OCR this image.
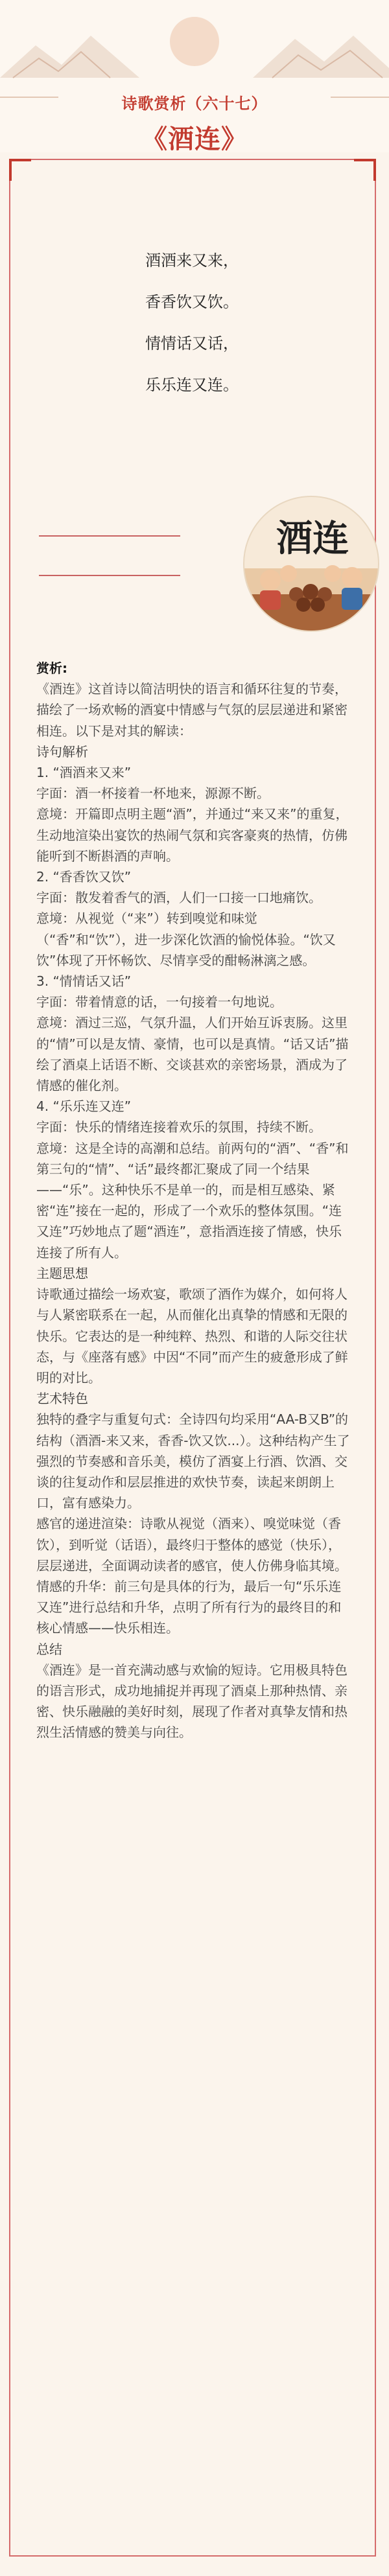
诗歌赏析（六十七）
《酒连》
酒酒来又来，
香香饮又饮。
情情话又话，
乐乐连又连。
酒连

赏析:

《酒连》这首诗以简洁明快的语言和循环往复的节奏，描绘了一场欢畅的酒宴中情感与气氛的层层递进和紧密相连。以下是对其的解读：

诗句解析

1. “酒酒来又来”

字面：酒一杯接着一杯地来，源源不断。

意境：开篇即点明主题“酒”，并通过“来又来”的重复，生动地渲染出宴饮的热闹气氛和宾客豪爽的热情，仿佛能听到不断斟酒的声响。

2. “香香饮又饮”

字面：散发着香气的酒，人们一口接一口地痛饮。

意境：从视觉（“来”）转到嗅觉和味觉（“香”和“饮”），进一步深化饮酒的愉悦体验。“饮又饮”体现了开怀畅饮、尽情享受的酣畅淋漓之感。

3. “情情话又话”

字面：带着情意的话，一句接着一句地说。

意境：酒过三巡，气氛升温，人们开始互诉衷肠。这里的“情”可以是友情、豪情，也可以是真情。“话又话”描绘了酒桌上话语不断、交谈甚欢的亲密场景，酒成为了情感的催化剂。

4. “乐乐连又连”

字面：快乐的情绪连接着欢乐的氛围，持续不断。

意境：这是全诗的高潮和总结。前两句的“酒”、“香”和第三句的“情”、“话”最终都汇聚成了同一个结果——“乐”。这种快乐不是单一的，而是相互感染、紧密“连”接在一起的，形成了一个欢乐的整体氛围。“连又连”巧妙地点了题“酒连”，意指酒连接了情感，快乐连接了所有人。

主题思想

诗歌通过描绘一场欢宴，歌颂了酒作为媒介，如何将人与人紧密联系在一起，从而催化出真挚的情感和无限的快乐。它表达的是一种纯粹、热烈、和谐的人际交往状态，与《座落有感》中因“不同”而产生的疲惫形成了鲜明的对比。

艺术特色

独特的叠字与重复句式：全诗四句均采用“AA-B又B”的结构（酒酒-来又来，香香-饮又饮...）。这种结构产生了强烈的节奏感和音乐美，模仿了酒宴上行酒、饮酒、交谈的往复动作和层层推进的欢快节奏，读起来朗朗上口，富有感染力。

感官的递进渲染：诗歌从视觉（酒来）、嗅觉味觉（香饮），到听觉（话语），最终归于整体的感觉（快乐），层层递进，全面调动读者的感官，使人仿佛身临其境。

情感的升华：前三句是具体的行为，最后一句“乐乐连又连”进行总结和升华，点明了所有行为的最终目的和核心情感——快乐相连。

总结

《酒连》是一首充满动感与欢愉的短诗。它用极具特色的语言形式，成功地捕捉并再现了酒桌上那种热情、亲密、快乐融融的美好时刻，展现了作者对真挚友情和热烈生活情感的赞美与向往。
